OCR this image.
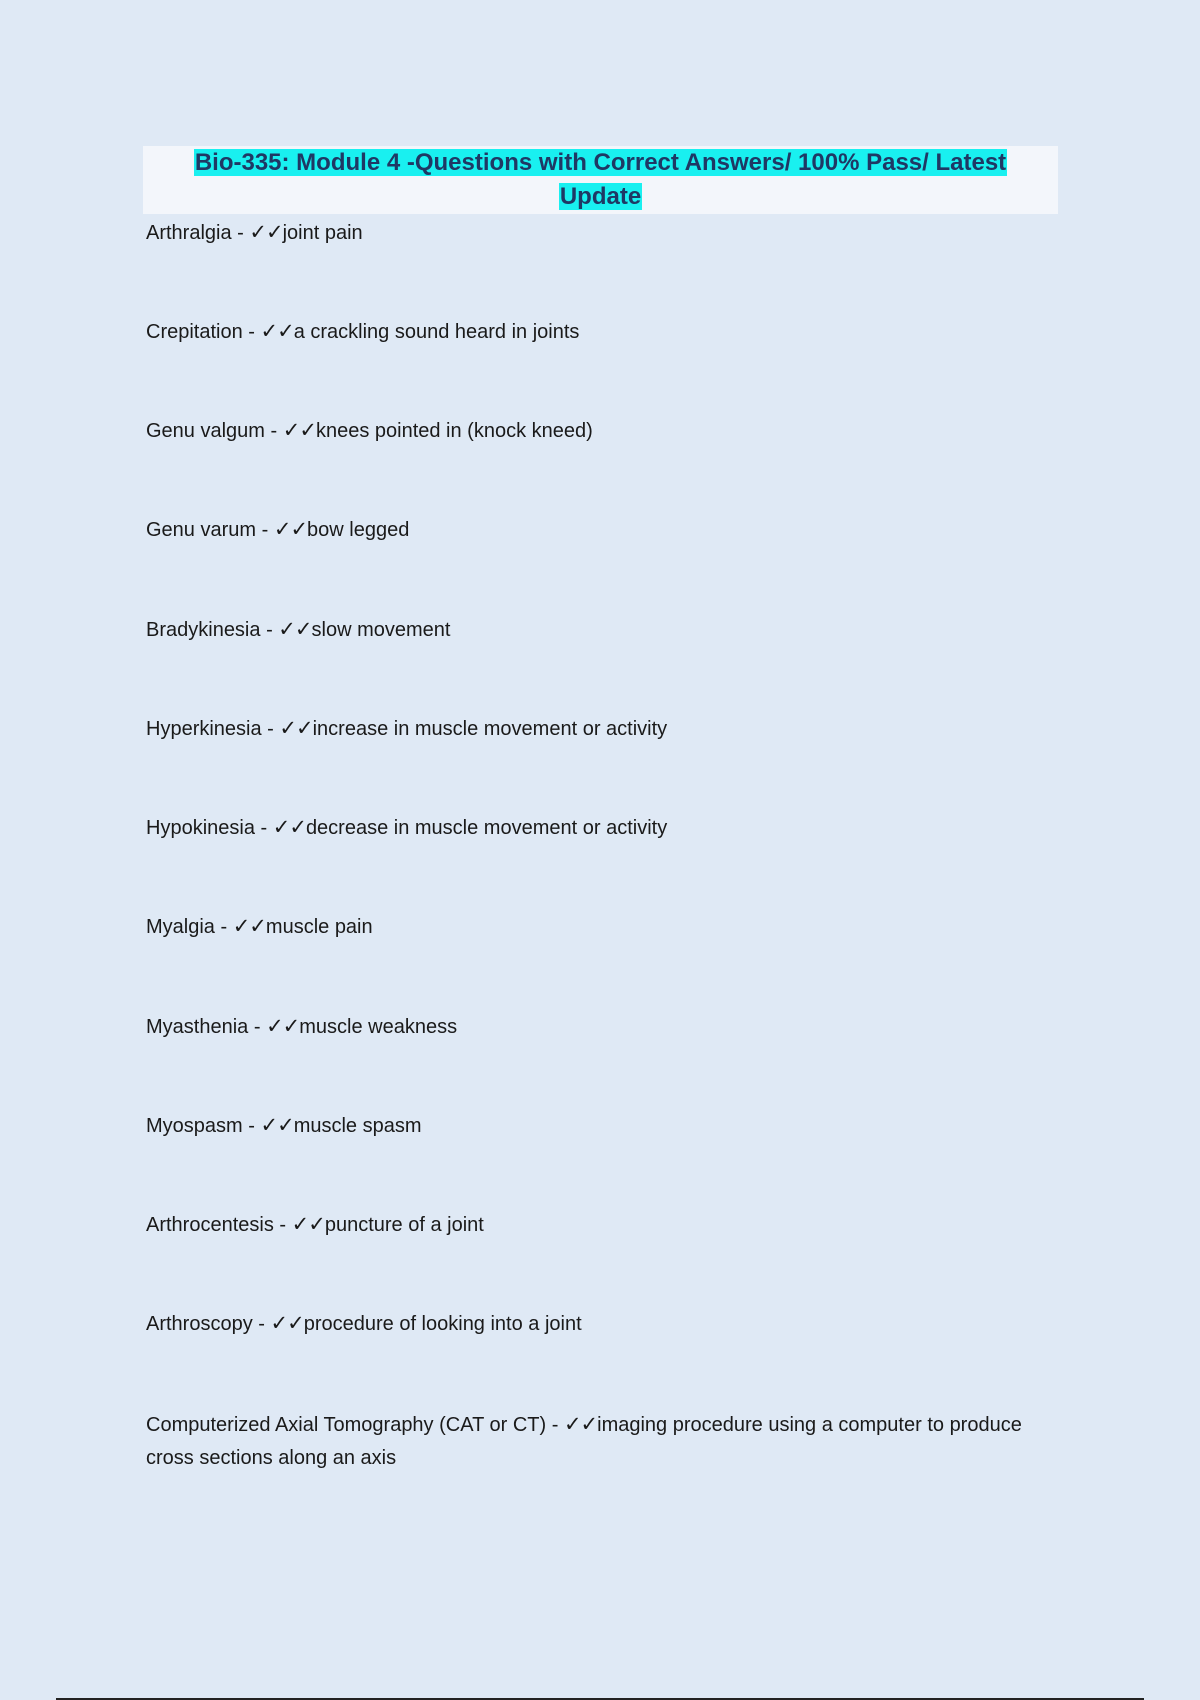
Bio-335: Module 4 -Questions with Correct Answers/ 100% Pass/ Latest
Update
Arthralgia - ✓✓joint pain
Crepitation - ✓✓a crackling sound heard in joints
Genu valgum - ✓✓knees pointed in (knock kneed)
Genu varum - ✓✓bow legged
Bradykinesia - ✓✓slow movement
Hyperkinesia - ✓✓increase in muscle movement or activity
Hypokinesia - ✓✓decrease in muscle movement or activity
Myalgia - ✓✓muscle pain
Myasthenia - ✓✓muscle weakness
Myospasm - ✓✓muscle spasm
Arthrocentesis - ✓✓puncture of a joint
Arthroscopy - ✓✓procedure of looking into a joint
Computerized Axial Tomography (CAT or CT) - ✓✓imaging procedure using a computer to produce cross sections along an axis
